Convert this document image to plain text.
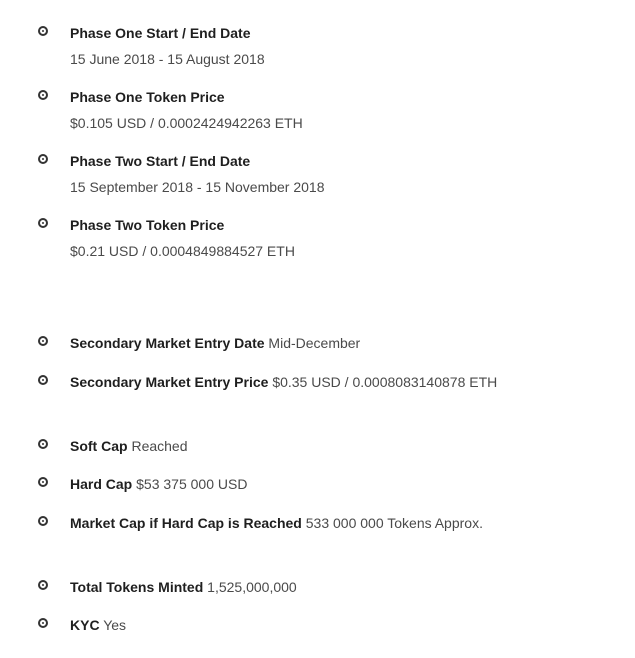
Phase One Start / End Date
15 June 2018 - 15 August 2018
Phase One Token Price
$0.105 USD / 0.0002424942263 ETH
Phase Two Start / End Date
15 September 2018 - 15 November 2018
Phase Two Token Price
$0.21 USD / 0.0004849884527 ETH
Secondary Market Entry Date Mid-December
Secondary Market Entry Price $0.35 USD / 0.0008083140878 ETH
Soft Cap Reached
Hard Cap $53 375 000 USD
Market Cap if Hard Cap is Reached 533 000 000 Tokens Approx.
Total Tokens Minted 1,525,000,000
KYC Yes
